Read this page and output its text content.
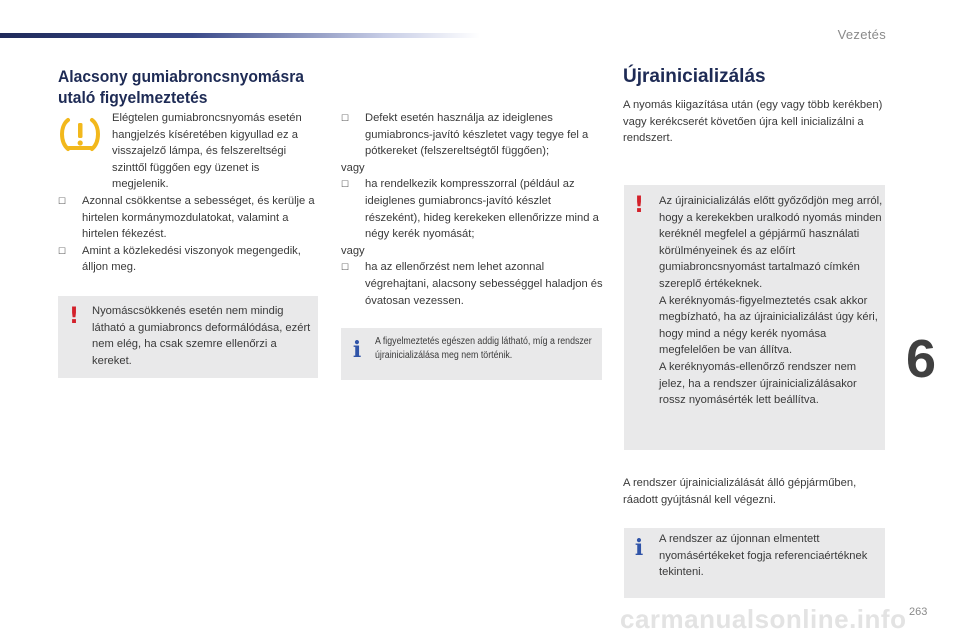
Vezetés
Alacsony gumiabroncsnyomásra utaló figyelmeztetés
Elégtelen gumiabroncsnyomás esetén hangjelzés kíséretében kigyullad ez a visszajelző lámpa, és felszereltségi szinttől függően egy üzenet is megjelenik.
☐	Azonnal csökkentse a sebességet, és kerülje a hirtelen kormánymozdulatokat, valamint a hirtelen fékezést.
☐	Amint a közlekedési viszonyok megengedik, álljon meg.
! Nyomáscsökkenés esetén nem mindig látható a gumiabroncs deformálódása, ezért nem elég, ha csak szemre ellenőrzi a kereket.
☐	Defekt esetén használja az ideiglenes gumiabroncs-javító készletet vagy tegye fel a pótkereket (felszereltségtől függően);
vagy
☐	ha rendelkezik kompresszorral (például az ideiglenes gumiabroncs-javító készlet részeként), hideg kerekeken ellenőrizze mind a négy kerék nyomását;
vagy
☐	ha az ellenőrzést nem lehet azonnal végrehajtani, alacsony sebességgel haladjon és óvatosan vezessen.
i A figyelmeztetés egészen addig látható, míg a rendszer újrainicializálása meg nem történik.
Újrainicializálás
A nyomás kiigazítása után (egy vagy több kerékben) vagy kerékcserét követően újra kell inicializálni a rendszert.
! Az újrainicializálás előtt győződjön meg arról, hogy a kerekekben uralkodó nyomás minden keréknél megfelel a gépjármű használati körülményeinek és az előírt gumiabroncsnyomást tartalmazó címkén szereplő értékeknek.
A keréknyomás-figyelmeztetés csak akkor megbízható, ha az újrainicializálást úgy kéri, hogy mind a négy kerék nyomása megfelelően be van állítva.
A keréknyomás-ellenőrző rendszer nem jelez, ha a rendszer újrainicializálásakor rossz nyomásérték lett beállítva.
A rendszer újrainicializálását álló gépjárműben, ráadott gyújtásnál kell végezni.
i A rendszer az újonnan elmentett nyomásértékeket fogja referenciaértéknek tekinteni.
6
carmanualsonline.info 263
